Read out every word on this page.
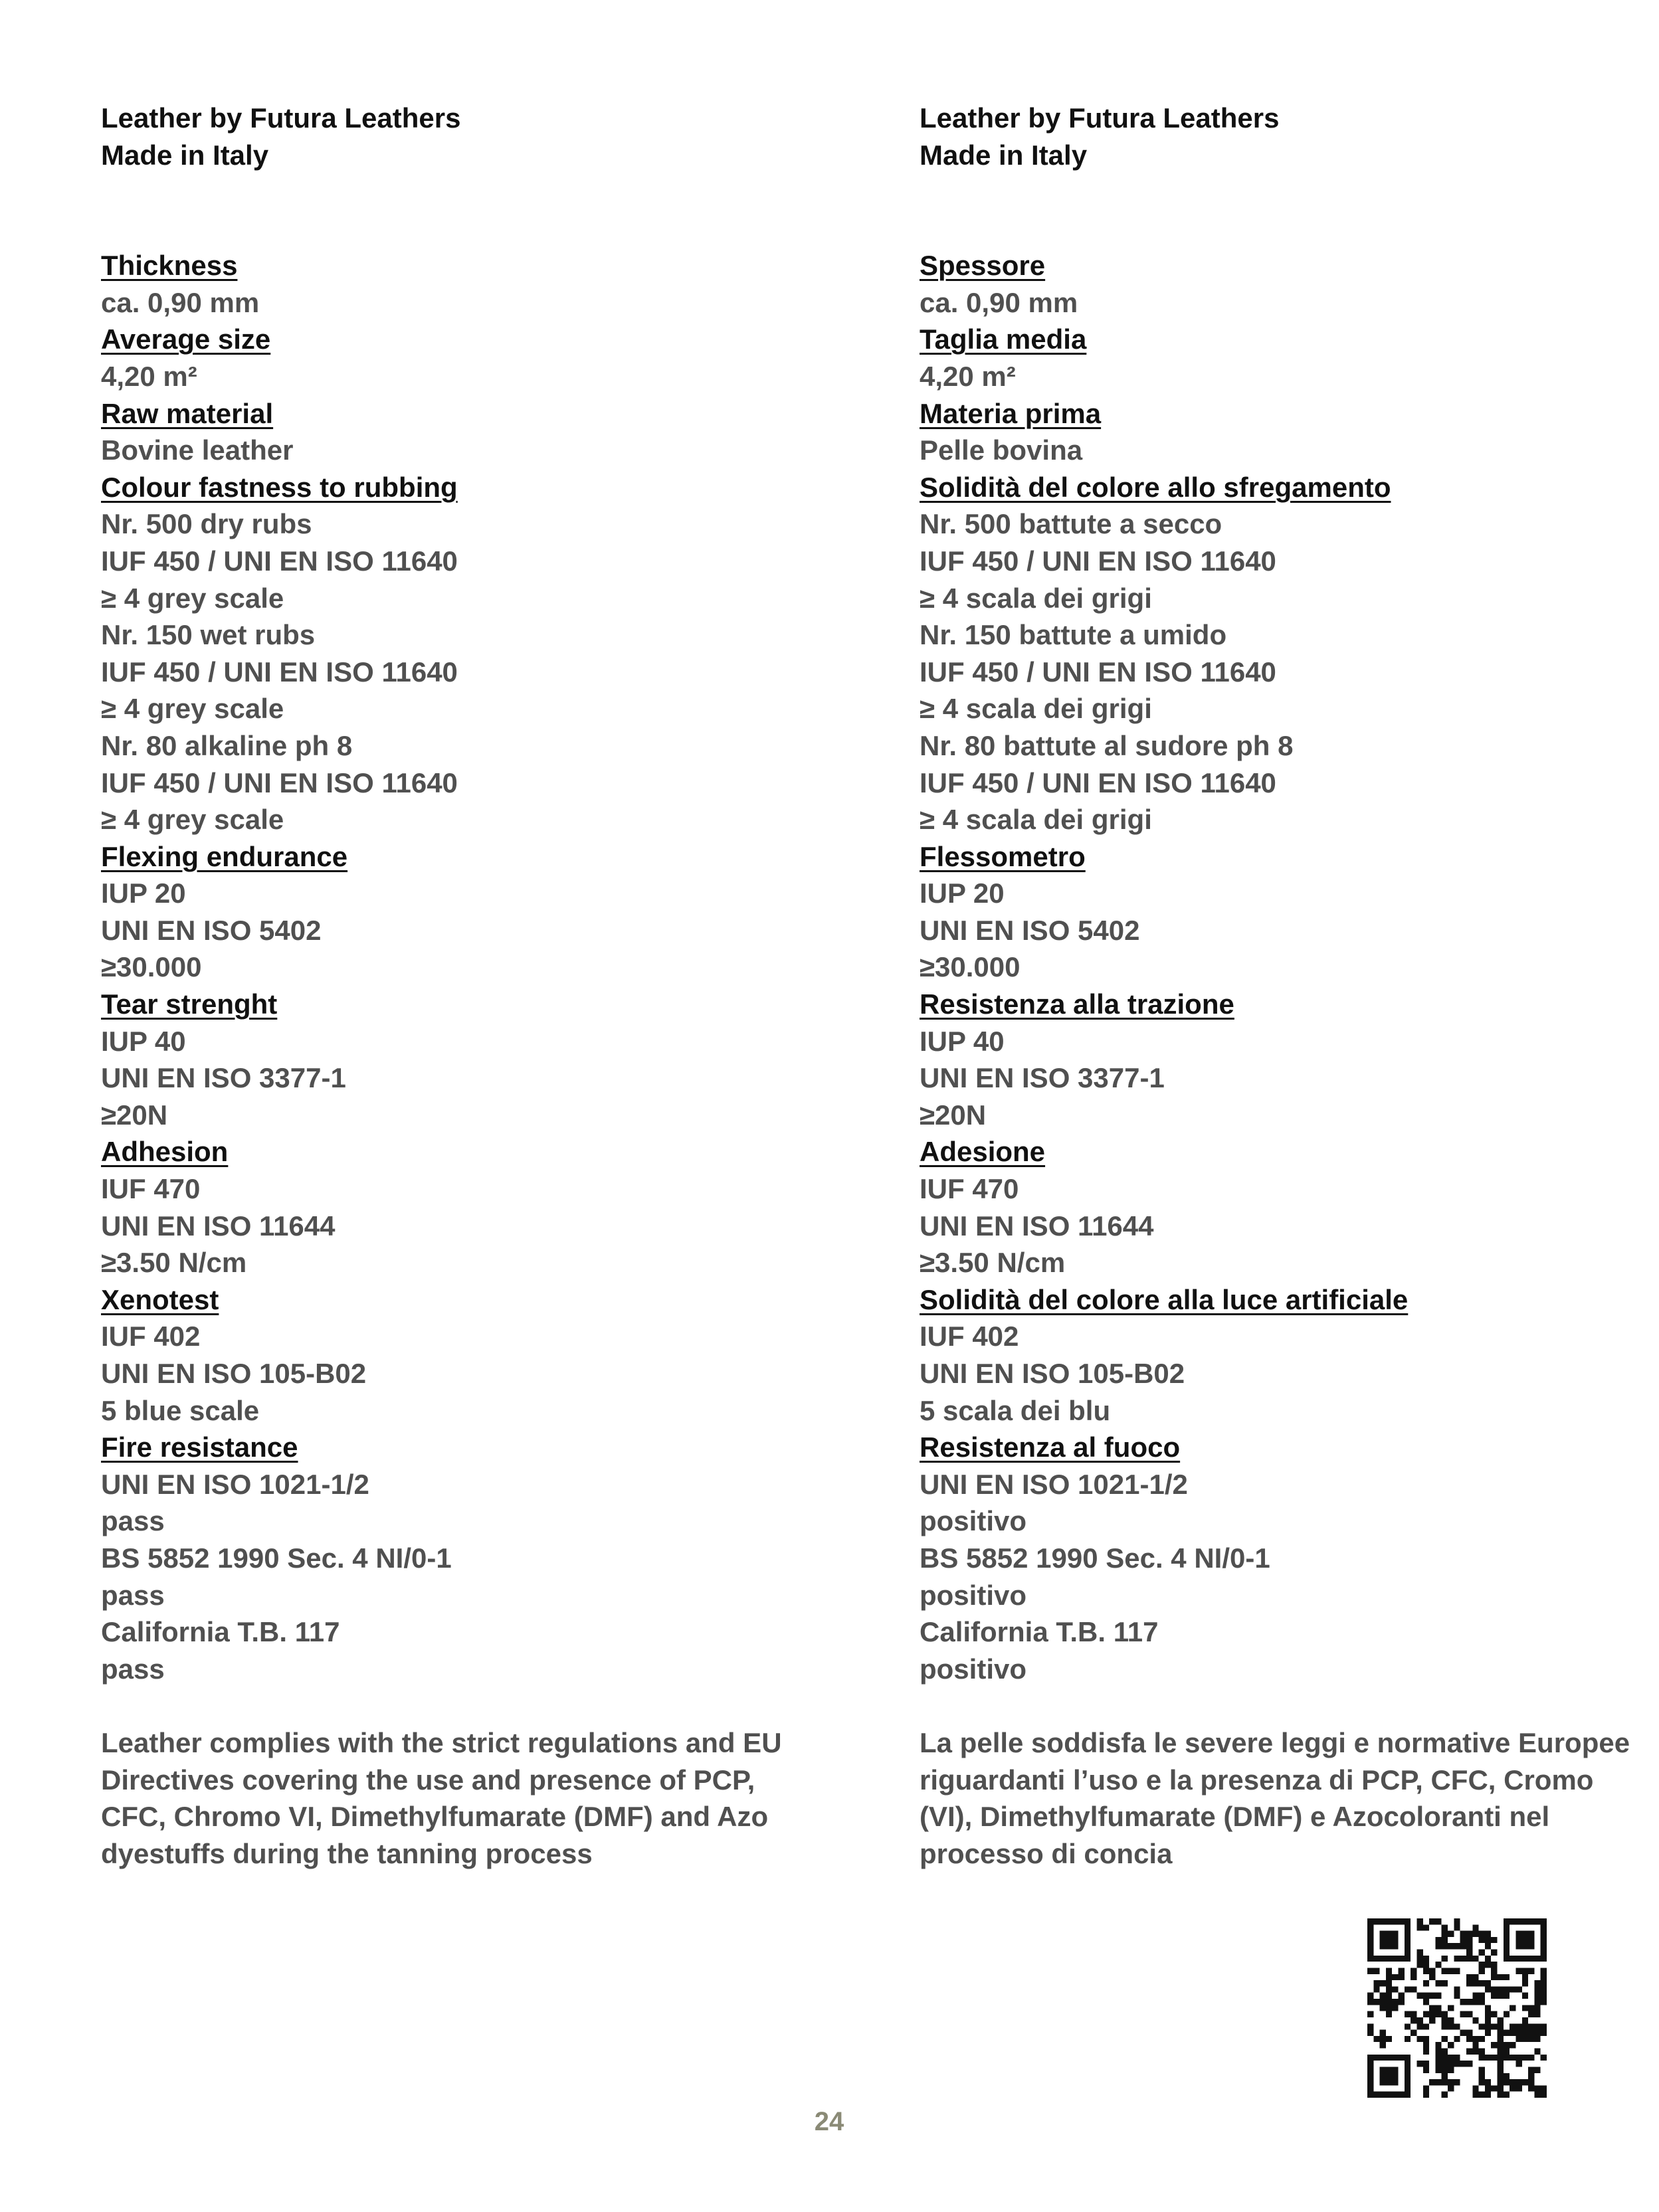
Leather by Futura Leathers
Made in Italy
Thickness
ca. 0,90 mm
Average size
4,20 m²
Raw material
Bovine leather
Colour fastness to rubbing
Nr. 500 dry rubs
IUF 450 / UNI EN ISO 11640
≥ 4 grey scale
Nr. 150 wet rubs
IUF 450 / UNI EN ISO 11640
≥ 4 grey scale
Nr. 80 alkaline ph 8
IUF 450 / UNI EN ISO 11640
≥ 4 grey scale
Flexing endurance
IUP 20
UNI EN ISO 5402
≥30.000
Tear strenght
IUP 40
UNI EN ISO 3377-1
≥20N
Adhesion
IUF 470
UNI EN ISO 11644
≥3.50 N/cm
Xenotest
IUF 402
UNI EN ISO 105-B02
5 blue scale
Fire resistance
UNI EN ISO 1021-1/2
pass
BS 5852 1990 Sec. 4 NI/0-1
pass
California T.B. 117
pass
Leather complies with the strict regulations and EU Directives covering the use and presence of PCP, CFC, Chromo VI, Dimethylfumarate (DMF) and Azo dyestuffs during the tanning process
Leather by Futura Leathers
Made in Italy
Spessore
ca. 0,90 mm
Taglia media
4,20 m²
Materia prima
Pelle bovina
Solidità del colore allo sfregamento
Nr. 500 battute a secco
IUF 450 / UNI EN ISO 11640
≥ 4 scala dei grigi
Nr. 150 battute a umido
IUF 450 / UNI EN ISO 11640
≥ 4 scala dei grigi
Nr. 80 battute al sudore ph 8
IUF 450 / UNI EN ISO 11640
≥ 4 scala dei grigi
Flessometro
IUP 20
UNI EN ISO 5402
≥30.000
Resistenza alla trazione
IUP 40
UNI EN ISO 3377-1
≥20N
Adesione
IUF 470
UNI EN ISO 11644
≥3.50 N/cm
Solidità del colore alla luce artificiale
IUF 402
UNI EN ISO 105-B02
5 scala dei blu
Resistenza al fuoco
UNI EN ISO 1021-1/2
positivo
BS 5852 1990 Sec. 4 NI/0-1
positivo
California T.B. 117
positivo
La pelle soddisfa le severe leggi e normative Europee riguardanti l’uso e la presenza di PCP, CFC, Cromo (VI), Dimethylfumarate (DMF) e Azocoloranti nel processo di concia
24
